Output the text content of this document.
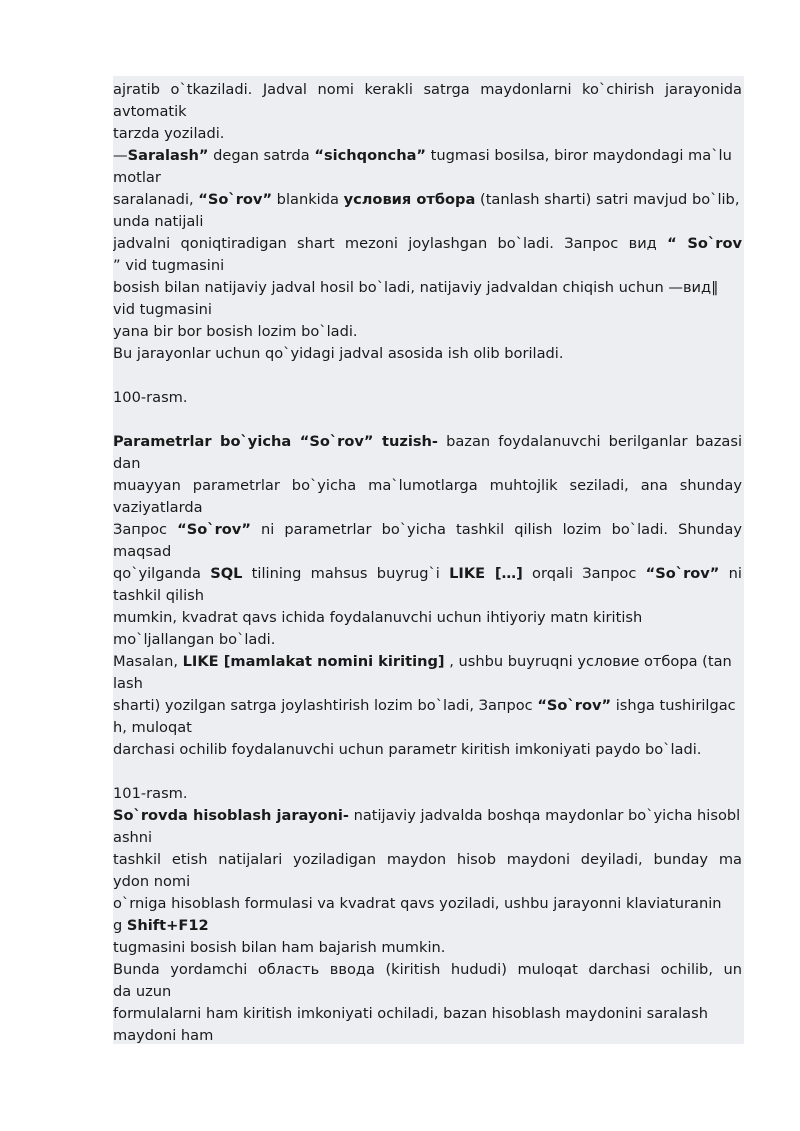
ajratib o`tkaziladi. Jadval nomi kerakli satrga maydonlarni ko`chirish jarayonida

avtomatik

tarzda yoziladi.

—Saralash” degan satrda “sichqoncha” tugmasi bosilsa, biror maydondagi ma`lu

motlar

saralanadi, “So`rov” blankida условия отбора (tanlash sharti) satri mavjud bo`lib,

unda natijali

jadvalni qoniqtiradigan shart mezoni joylashgan bo`ladi. Запрос вид “ So`rov

” vid tugmasini

bosish bilan natijaviy jadval hosil bo`ladi, natijaviy jadvaldan chiqish uchun —вид‖

vid tugmasini

yana bir bor bosish lozim bo`ladi.

Bu jarayonlar uchun qo`yidagi jadval asosida ish olib boriladi.

100-rasm.

Parametrlar bo`yicha “So`rov” tuzish- bazan foydalanuvchi berilganlar bazasi

dan

muayyan parametrlar bo`yicha ma`lumotlarga muhtojlik seziladi, ana shunday

vaziyatlarda

Запрос “So`rov” ni parametrlar bo`yicha tashkil qilish lozim bo`ladi. Shunday

maqsad

qo`yilganda SQL tilining mahsus buyrug`i LIKE […] orqali Запрос “So`rov” ni

tashkil qilish

mumkin, kvadrat qavs ichida foydalanuvchi uchun ihtiyoriy matn kiritish

mo`ljallangan bo`ladi.

Masalan, LIKE [mamlakat nomini kiriting] , ushbu buyruqni условие отбора (tan

lash

sharti) yozilgan satrga joylashtirish lozim bo`ladi, Запрос “So`rov” ishga tushirilgac

h, muloqat

darchasi ochilib foydalanuvchi uchun parametr kiritish imkoniyati paydo bo`ladi.

101-rasm.

So`rovda hisoblash jarayoni- natijaviy jadvalda boshqa maydonlar bo`yicha hisobl

ashni

tashkil etish natijalari yoziladigan maydon hisob maydoni deyiladi, bunday ma

ydon nomi

o`rniga hisoblash formulasi va kvadrat qavs yoziladi, ushbu jarayonni klaviaturanin

g Shift+F12

tugmasini bosish bilan ham bajarish mumkin.

Bunda yordamchi область ввода (kiritish hududi) muloqat darchasi ochilib, un

da uzun

formulalarni ham kiritish imkoniyati ochiladi, bazan hisoblash maydonini saralash

maydoni ham
